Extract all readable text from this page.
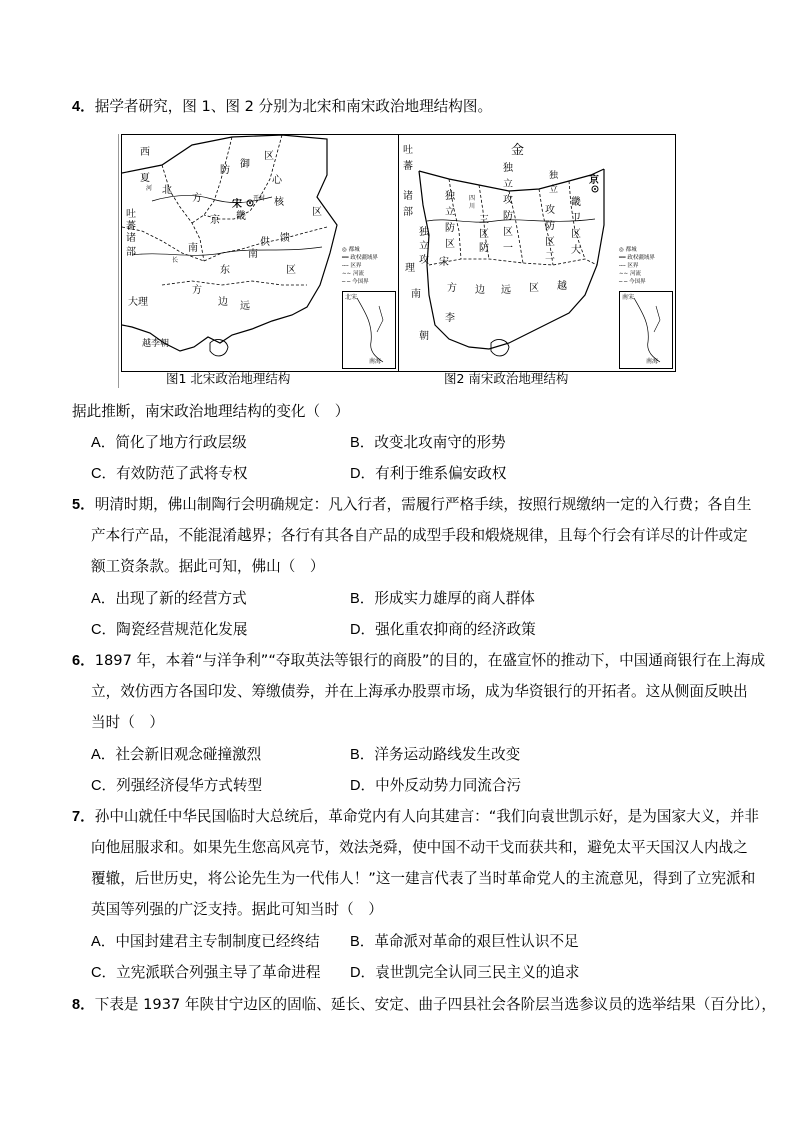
4．据学者研究，图 1、图 2 分别为北宋和南宋政治地理结构图。
西
夏
北
方
防
御
区
心
开封
宋
畿
核
京
吐
蕃
诸
部	南
东
南
供 馈
区
长
方
边 远
区
大理
越李朝
河
◎ 都城
━━ 政权疆域界
╌╌ 区界
∼∼ 河流
─ ─ 今国界
北宋
南海
图1 北宋政治地理结构
金
吐
蕃
诸
部
独
立
防
区
四
川
独
立
攻
防
区
一
独
立
攻
防
区
二
独
立
攻
防
区
三
宋
京
畿
卫
区
大
理
南
方 边 远 区 越
李
朝
◎ 都城
━━ 政权疆域界
╌╌ 区界
∼∼ 河流
─ ─ 今国界
南宋
南海
图2 南宋政治地理结构
据此推断，南宋政治地理结构的变化（　）
A．简化了地方行政层级	B．改变北攻南守的形势
C．有效防范了武将专权	D．有利于维系偏安政权
5．明清时期，佛山制陶行会明确规定：凡入行者，需履行严格手续，按照行规缴纳一定的入行费；各自生
产本行产品，不能混淆越界；各行有其各自产品的成型手段和煅烧规律，且每个行会有详尽的计件或定
额工资条款。据此可知，佛山（　）
A．出现了新的经营方式	B．形成实力雄厚的商人群体
C．陶瓷经营规范化发展	D．强化重农抑商的经济政策
6．1897 年，本着“与洋争利”“夺取英法等银行的商股”的目的，在盛宣怀的推动下，中国通商银行在上海成
立，效仿西方各国印发、筹缴债券，并在上海承办股票市场，成为华资银行的开拓者。这从侧面反映出
当时（　）
A．社会新旧观念碰撞激烈	B．洋务运动路线发生改变
C．列强经济侵华方式转型	D．中外反动势力同流合污
7．孙中山就任中华民国临时大总统后，革命党内有人向其建言：“我们向袁世凯示好，是为国家大义，并非
向他屈服求和。如果先生您高风亮节，效法尧舜，使中国不动干戈而获共和，避免太平天国汉人内战之
覆辙，后世历史，将公论先生为一代伟人！”这一建言代表了当时革命党人的主流意见，得到了立宪派和
英国等列强的广泛支持。据此可知当时（　）
A．中国封建君主专制制度已经终结 B．革命派对革命的艰巨性认识不足
C．立宪派联合列强主导了革命进程 D．袁世凯完全认同三民主义的追求
8．下表是 1937 年陕甘宁边区的固临、延长、安定、曲子四县社会各阶层当选参议员的选举结果（百分比），
